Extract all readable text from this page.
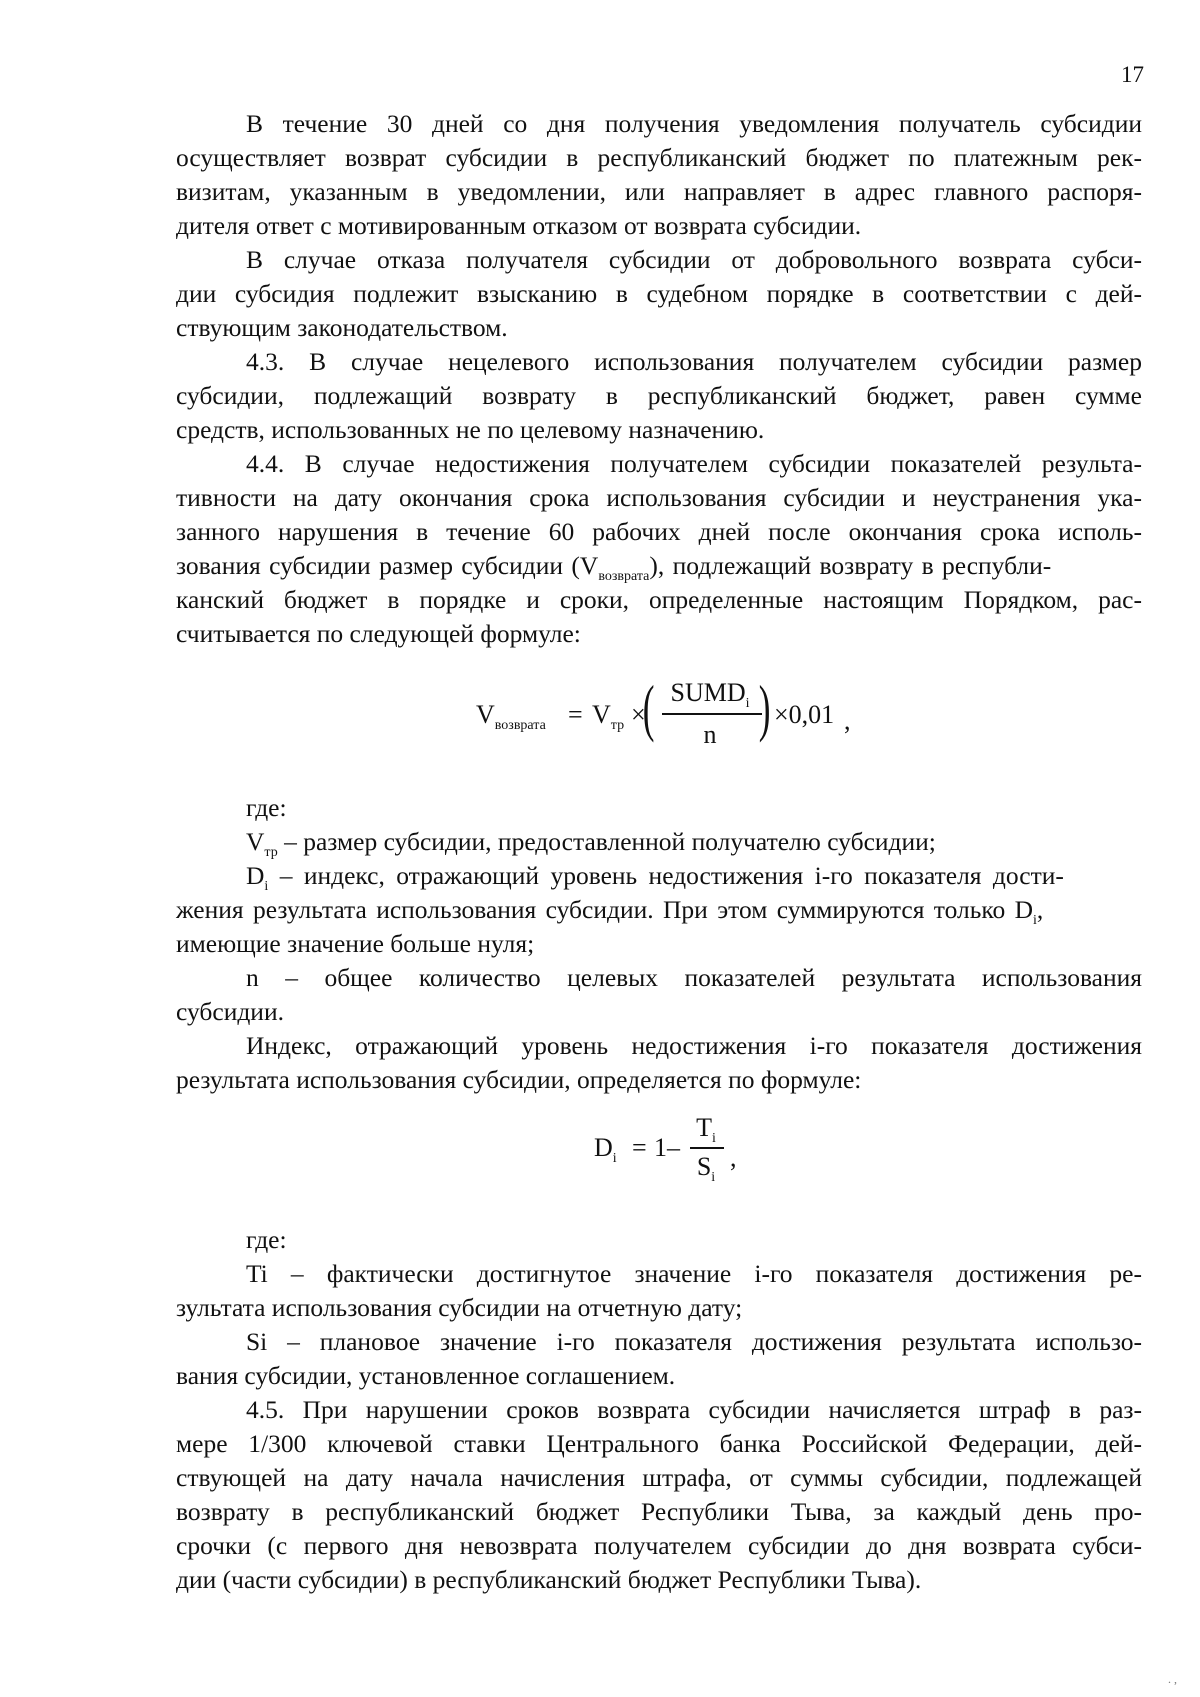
17
В течение 30 дней со дня получения уведомления получатель субсидии
осуществляет возврат субсидии в республиканский бюджет по платежным рек-
визитам, указанным в уведомлении, или направляет в адрес главного распоря-
дителя ответ с мотивированным отказом от возврата субсидии.
В случае отказа получателя субсидии от добровольного возврата субси-
дии субсидия подлежит взысканию в судебном порядке в соответствии с дей-
ствующим законодательством.
4.3. В случае нецелевого использования получателем субсидии размер
субсидии, подлежащий возврату в республиканский бюджет, равен сумме
средств, использованных не по целевому назначению.
4.4. В случае недостижения получателем субсидии показателей результа-
тивности на дату окончания срока использования субсидии и неустранения ука-
занного нарушения в течение 60 рабочих дней после окончания срока исполь-
зования субсидии размер субсидии $(V_{возврата})$, подлежащий возврату в республи-
канский бюджет в порядке и сроки, определенные настоящим Порядком, рас-
считывается по следующей формуле:
$V_{возврата} = V_{тр}$ ×
( $SUMD_i$
n ) ×0,01 ,
где:
$V_{тр}$ – размер субсидии, предоставленной получателю субсидии;
$D_i$ – индекс, отражающий уровень недостижения i-го показателя дости-
жения результата использования субсидии. При этом суммируются только $D_i$,
имеющие значение больше нуля;
n – общее количество целевых показателей результата использования
субсидии.
Индекс, отражающий уровень недостижения i-го показателя достижения
результата использования субсидии, определяется по формуле:
$D_i = 1-$
$T_i$
$S_i$
,
где:
Ti – фактически достигнутое значение i-го показателя достижения ре-
зультата использования субсидии на отчетную дату;
Si – плановое значение i-го показателя достижения результата использо-
вания субсидии, установленное соглашением.
4.5. При нарушении сроков возврата субсидии начисляется штраф в раз-
мере 1/300 ключевой ставки Центрального банка Российской Федерации, дей-
ствующей на дату начала начисления штрафа, от суммы субсидии, подлежащей
возврату в республиканский бюджет Республики Тыва, за каждый день про-
срочки (с первого дня невозврата получателем субсидии до дня возврата субси-
дии (части субсидии) в республиканский бюджет Республики Тыва).
. ,
